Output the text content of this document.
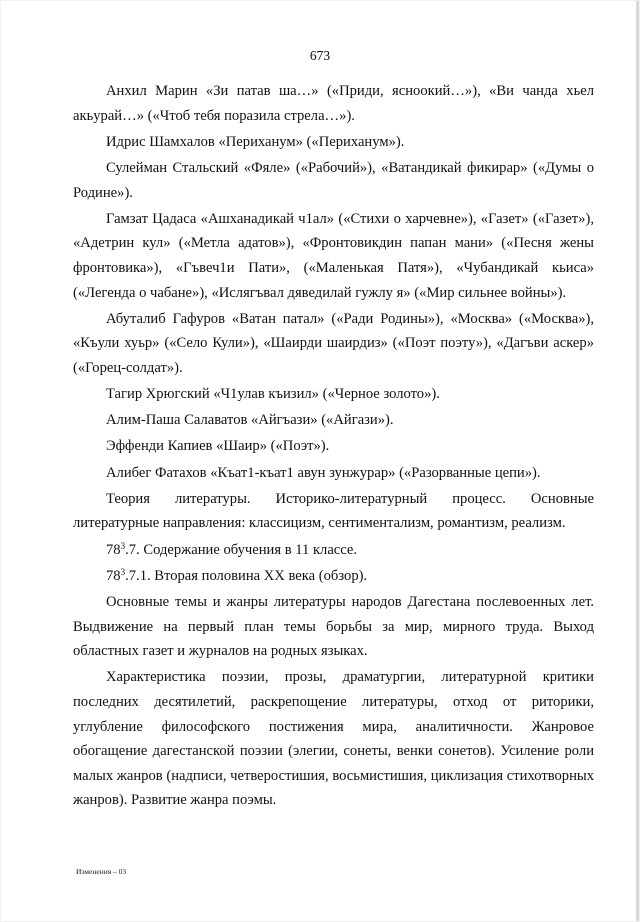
673

Анхил Марин «Зи патав ша…» («Приди, ясноокий…»), «Ви чанда хьел акьурай…» («Чтоб тебя поразила стрела…»).

Идрис Шамхалов «Периханум» («Периханум»).

Сулейман Стальский «Фяле» («Рабочий»), «Ватандикай фикирар» («Думы о Родине»).

Гамзат Цадаса «Ашханадикай ч1ал» («Стихи о харчевне»), «Газет» («Газет»), «Адетрин кул» («Метла адатов»), «Фронтовикдин папан мани» («Песня жены фронтовика»), «Гъвеч1и Пати», («Маленькая Патя»), «Чубандикай кьиса» («Легенда о чабане»), «Ислягъвал дяведилай гужлу я» («Мир сильнее войны»).

Абуталиб Гафуров «Ватан патал» («Ради Родины»), «Москва» («Москва»), «Къули хуьр» («Село Кули»), «Шаирди шаирдиз» («Поэт поэту»), «Дагъви аскер» («Горец-солдат»).

Тагир Хрюгский «Ч1улав къизил» («Черное золото»).

Алим-Паша Салаватов «Айгъази» («Айгази»).

Эффенди Капиев «Шаир» («Поэт»).

Алибег Фатахов «Къат1-къат1 авун зунжурар» («Разорванные цепи»).

Теория литературы. Историко-литературный процесс. Основные литературные направления: классицизм, сентиментализм, романтизм, реализм.

$78^3.7$. Содержание обучения в 11 классе.

$78^3.7.1$. Вторая половина XX века (обзор).

Основные темы и жанры литературы народов Дагестана послевоенных лет. Выдвижение на первый план темы борьбы за мир, мирного труда. Выход областных газет и журналов на родных языках.

Характеристика поэзии, прозы, драматургии, литературной критики последних десятилетий, раскрепощение литературы, отход от риторики, углубление философского постижения мира, аналитичности. Жанровое обогащение дагестанской поэзии (элегии, сонеты, венки сонетов). Усиление роли малых жанров (надписи, четверостишия, восьмистишия, циклизация стихотворных жанров). Развитие жанра поэмы.

Изменения – 03
